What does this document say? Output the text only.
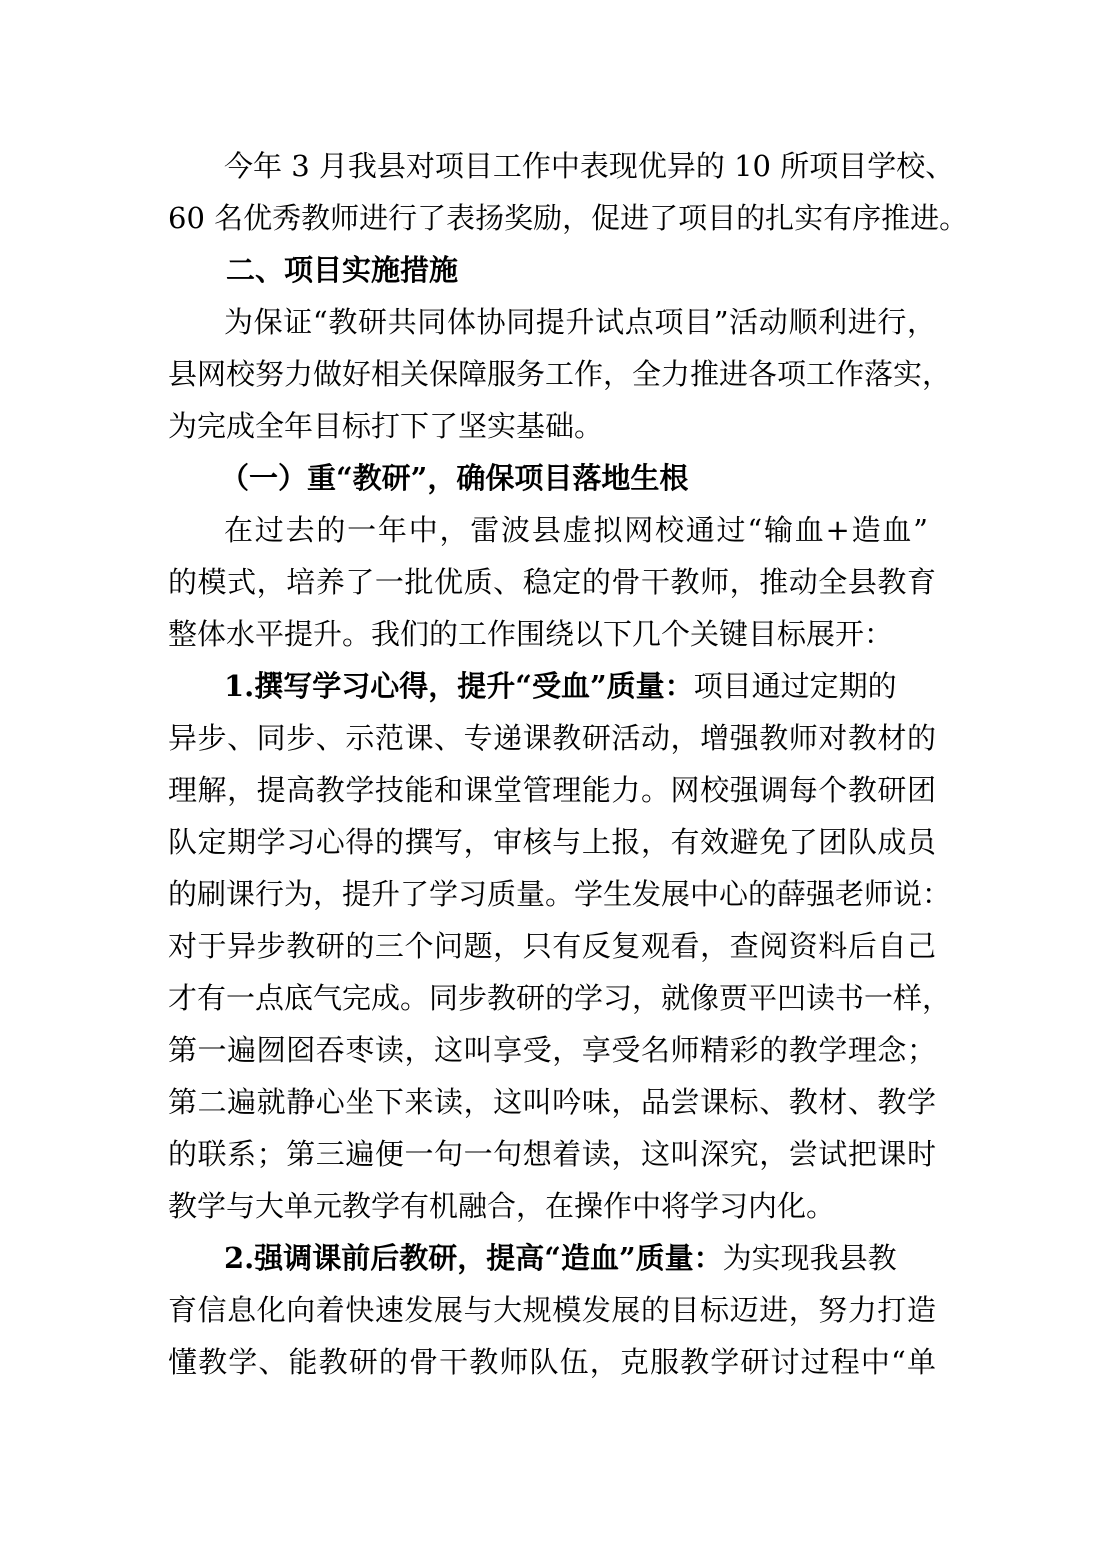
今年 3 月我县对项目工作中表现优异的 10 所项目学校、
60 名优秀教师进行了表扬奖励，促进了项目的扎实有序推进。
二、项目实施措施
为保证“教研共同体协同提升试点项目”活动顺利进行，
县网校努力做好相关保障服务工作，全力推进各项工作落实，
为完成全年目标打下了坚实基础。
（一）重“教研”，确保项目落地生根
在过去的一年中，雷波县虚拟网校通过“输血+造血”
的模式，培养了一批优质、稳定的骨干教师，推动全县教育
整体水平提升。我们的工作围绕以下几个关键目标展开：
1.撰写学习心得，提升“受血”质量：项目通过定期的
异步、同步、示范课、专递课教研活动，增强教师对教材的
理解，提高教学技能和课堂管理能力。网校强调每个教研团
队定期学习心得的撰写，审核与上报，有效避免了团队成员
的刷课行为，提升了学习质量。学生发展中心的薛强老师说：
对于异步教研的三个问题，只有反复观看，查阅资料后自己
才有一点底气完成。同步教研的学习，就像贾平凹读书一样，
第一遍囫囵吞枣读，这叫享受，享受名师精彩的教学理念；
第二遍就静心坐下来读，这叫吟味，品尝课标、教材、教学
的联系；第三遍便一句一句想着读，这叫深究，尝试把课时
教学与大单元教学有机融合，在操作中将学习内化。
2.强调课前后教研，提高“造血”质量：为实现我县教
育信息化向着快速发展与大规模发展的目标迈进，努力打造
懂教学、能教研的骨干教师队伍，克服教学研讨过程中“单
